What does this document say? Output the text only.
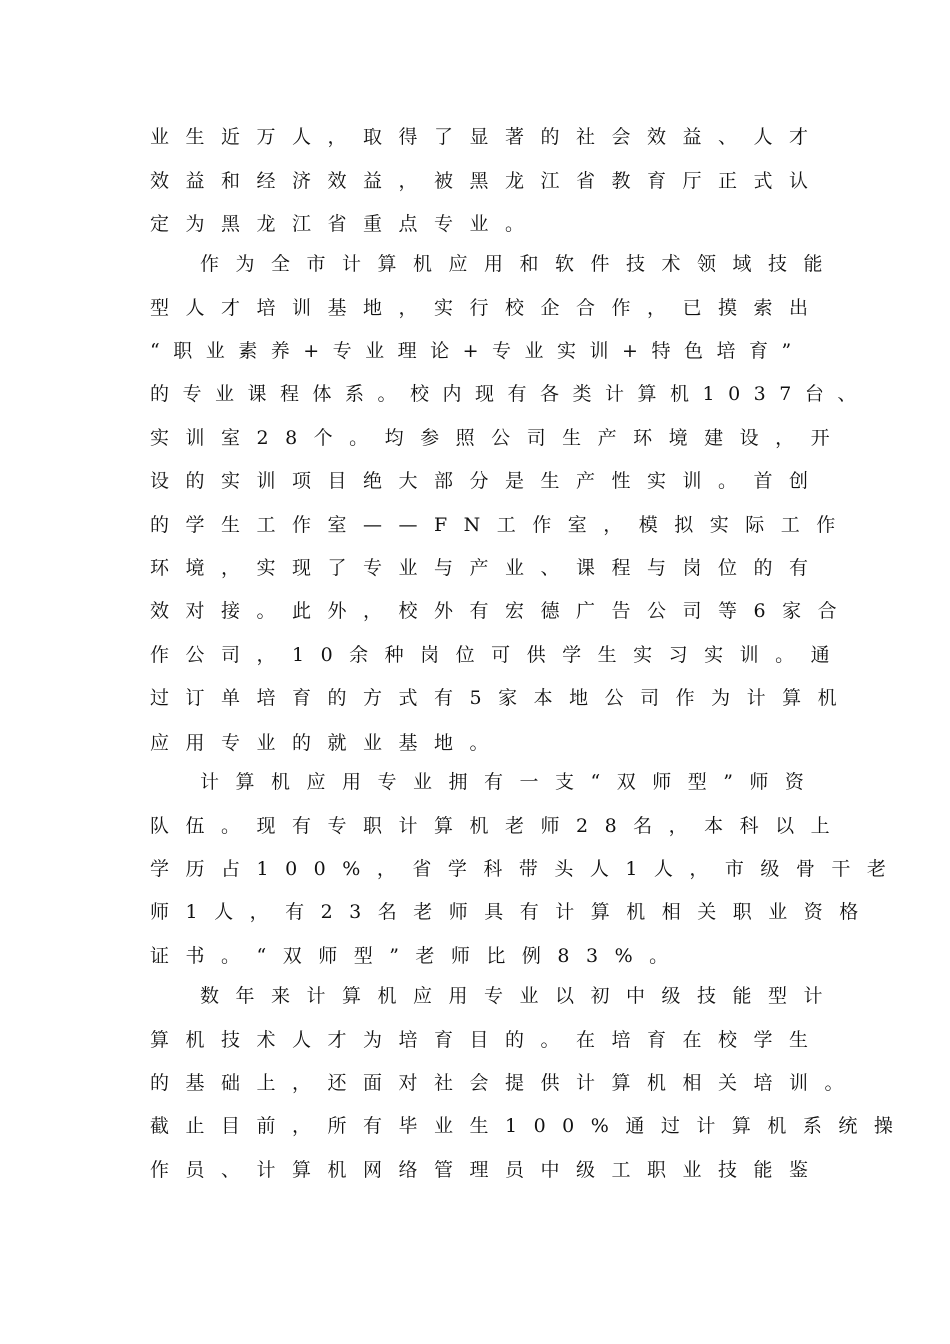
业生近万人，取得了显著的社会效益、人才
效益和经济效益，被黑龙江省教育厅正式认
定为黑龙江省重点专业。
作为全市计算机应用和软件技术领域技能
型人才培训基地，实行校企合作，已摸索出
“职业素养+专业理论+专业实训+特色培育”
的专业课程体系。校内现有各类计算机1037台、
实训室28个。均参照公司生产环境建设，开
设的实训项目绝大部分是生产性实训。首创
的学生工作室——FN工作室，模拟实际工作
环境，实现了专业与产业、课程与岗位的有
效对接。此外，校外有宏德广告公司等6家合
作公司，10余种岗位可供学生实习实训。通
过订单培育的方式有5家本地公司作为计算机
应用专业的就业基地。
计算机应用专业拥有一支“双师型”师资
队伍。现有专职计算机老师28名，本科以上
学历占100%，省学科带头人1人，市级骨干老
师1人，有23名老师具有计算机相关职业资格
证书。“双师型”老师比例83%。
数年来计算机应用专业以初中级技能型计
算机技术人才为培育目的。在培育在校学生
的基础上，还面对社会提供计算机相关培训。
截止目前，所有毕业生100%通过计算机系统操
作员、计算机网络管理员中级工职业技能鉴
